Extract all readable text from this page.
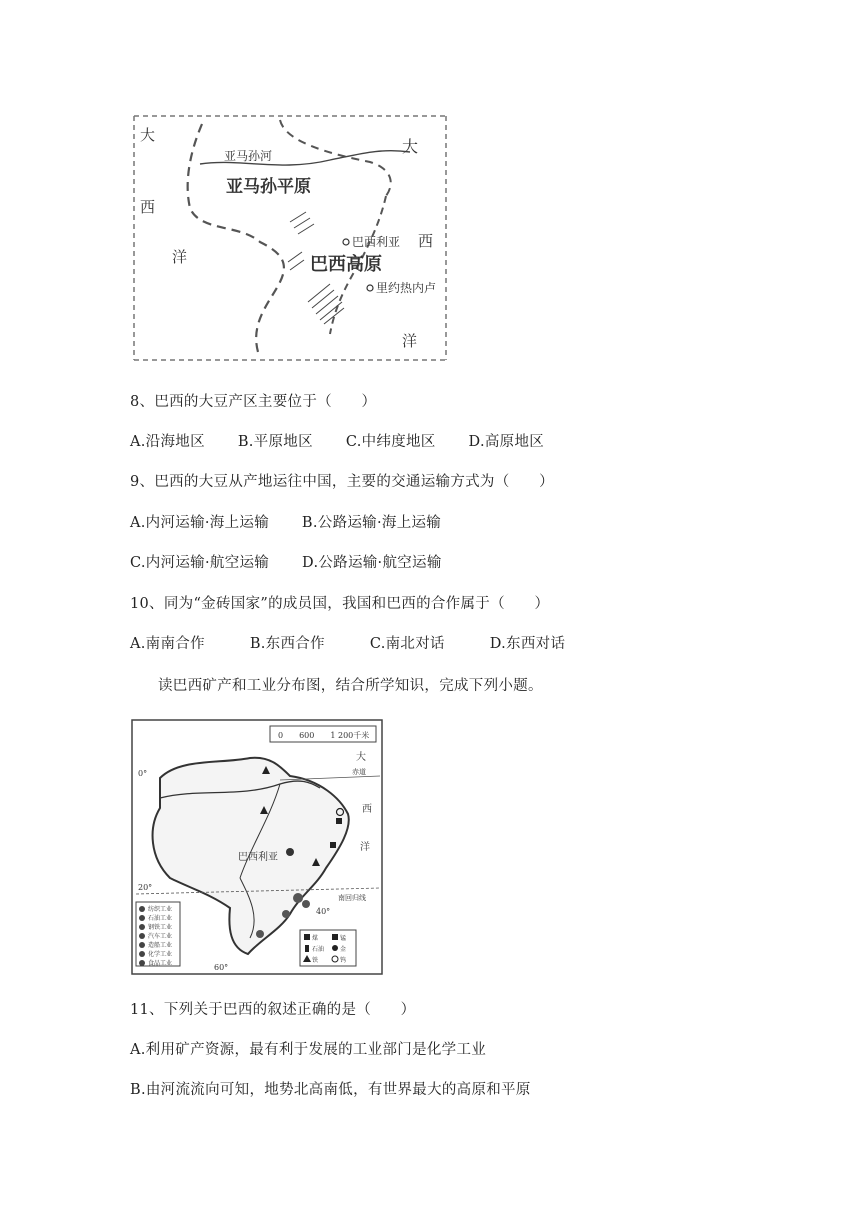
大
西
洋
大
西
洋
亚马孙河
亚马孙平原
巴西利亚
巴西高原
里约热内卢
8、巴西的大豆产区主要位于（　　）
A.沿海地区 B.平原地区 C.中纬度地区 D.高原地区
9、巴西的大豆从产地运往中国，主要的交通运输方式为（　　）
A.内河运输·海上运输 B.公路运输·海上运输
C.内河运输·航空运输 D.公路运输·航空运输
10、同为“金砖国家”的成员国，我国和巴西的合作属于（　　）
A.南南合作	B.东西合作	C.南北对话	D.东西对话
读巴西矿产和工业分布图，结合所学知识，完成下列小题。
0　　600　　1 200千米
0°
20°
40°
60°
赤道
南回归线
大
西
洋
巴西利亚
纺织工业
石油工业
钢铁工业
汽车工业
造船工业
化学工业
食品工业
煤	锰
石油	金
铁	钨
11、下列关于巴西的叙述正确的是（　　）
A.利用矿产资源，最有利于发展的工业部门是化学工业
B.由河流流向可知，地势北高南低，有世界最大的高原和平原
